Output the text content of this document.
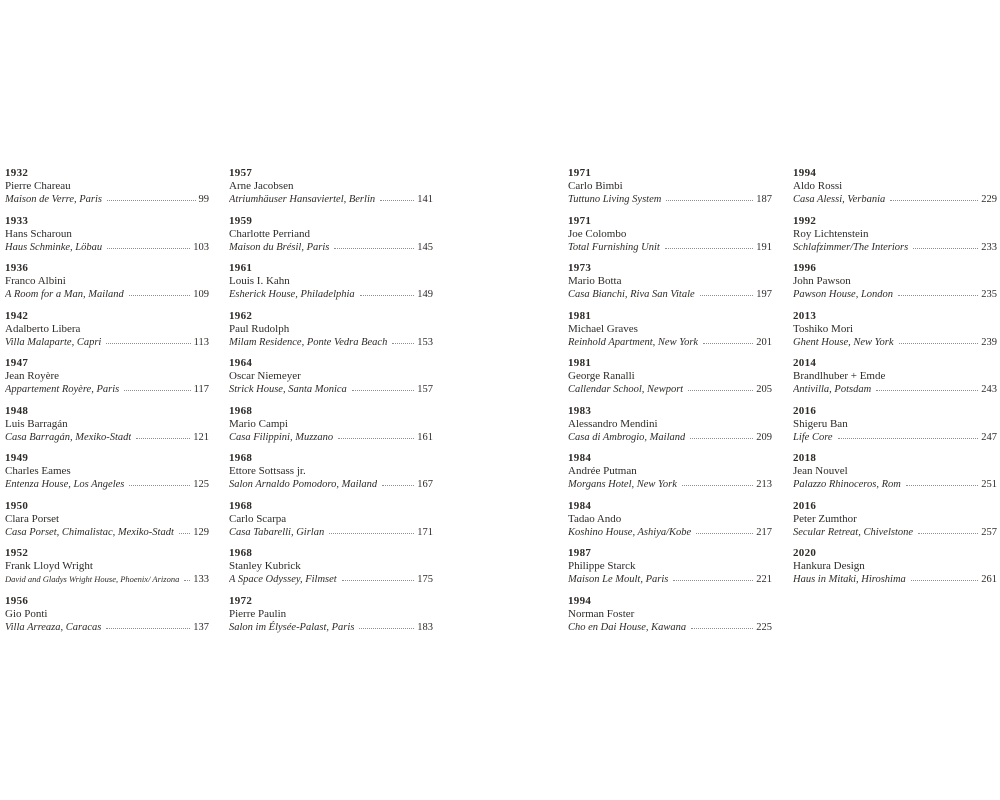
1932
Pierre Chareau
Maison de Verre, Paris	99
1933
Hans Scharoun
Haus Schminke, Löbau	103
1936
Franco Albini
A Room for a Man, Mailand	109
1942
Adalberto Libera
Villa Malaparte, Capri	113
1947
Jean Royère
Appartement Royère, Paris	117
1948
Luis Barragán
Casa Barragán, Mexiko-Stadt	121
1949
Charles Eames
Entenza House, Los Angeles	125
1950
Clara Porset
Casa Porset, Chimalistac, Mexiko-Stadt 129
1952
Frank Lloyd Wright
David and Gladys Wright House, Phoenix/ Arizona 133
1956
Gio Ponti
Villa Arreaza, Caracas	137
1957
Arne Jacobsen
Atriumhäuser Hansaviertel, Berlin	141
1959
Charlotte Perriand
Maison du Brésil, Paris	145
1961
Louis I. Kahn
Esherick House, Philadelphia	149
1962
Paul Rudolph
Milam Residence, Ponte Vedra Beach	153
1964
Oscar Niemeyer
Strick House, Santa Monica	157
1968
Mario Campi
Casa Filippini, Muzzano	161
1968
Ettore Sottsass jr.
Salon Arnaldo Pomodoro, Mailand	167
1968
Carlo Scarpa
Casa Tabarelli, Girlan	171
1968
Stanley Kubrick
A Space Odyssey, Filmset	175
1972
Pierre Paulin
Salon im Élysée-Palast, Paris	183
1971
Carlo Bimbi
Tuttuno Living System	187
1971
Joe Colombo
Total Furnishing Unit	191
1973
Mario Botta
Casa Bianchi, Riva San Vitale	197
1981
Michael Graves
Reinhold Apartment, New York	201
1981
George Ranalli
Callendar School, Newport	205
1983
Alessandro Mendini
Casa di Ambrogio, Mailand	209
1984
Andrée Putman
Morgans Hotel, New York	213
1984
Tadao Ando
Koshino House, Ashiya/Kobe	217
1987
Philippe Starck
Maison Le Moult, Paris	221
1994
Norman Foster
Cho en Dai House, Kawana	225
1994
Aldo Rossi
Casa Alessi, Verbania	229
1992
Roy Lichtenstein
Schlafzimmer/The Interiors	233
1996
John Pawson
Pawson House, London	235
2013
Toshiko Mori
Ghent House, New York	239
2014
Brandlhuber + Emde
Antivilla, Potsdam	243
2016
Shigeru Ban
Life Core	247
2018
Jean Nouvel
Palazzo Rhinoceros, Rom	251
2016
Peter Zumthor
Secular Retreat, Chivelstone	257
2020
Hankura Design
Haus in Mitaki, Hiroshima	261
